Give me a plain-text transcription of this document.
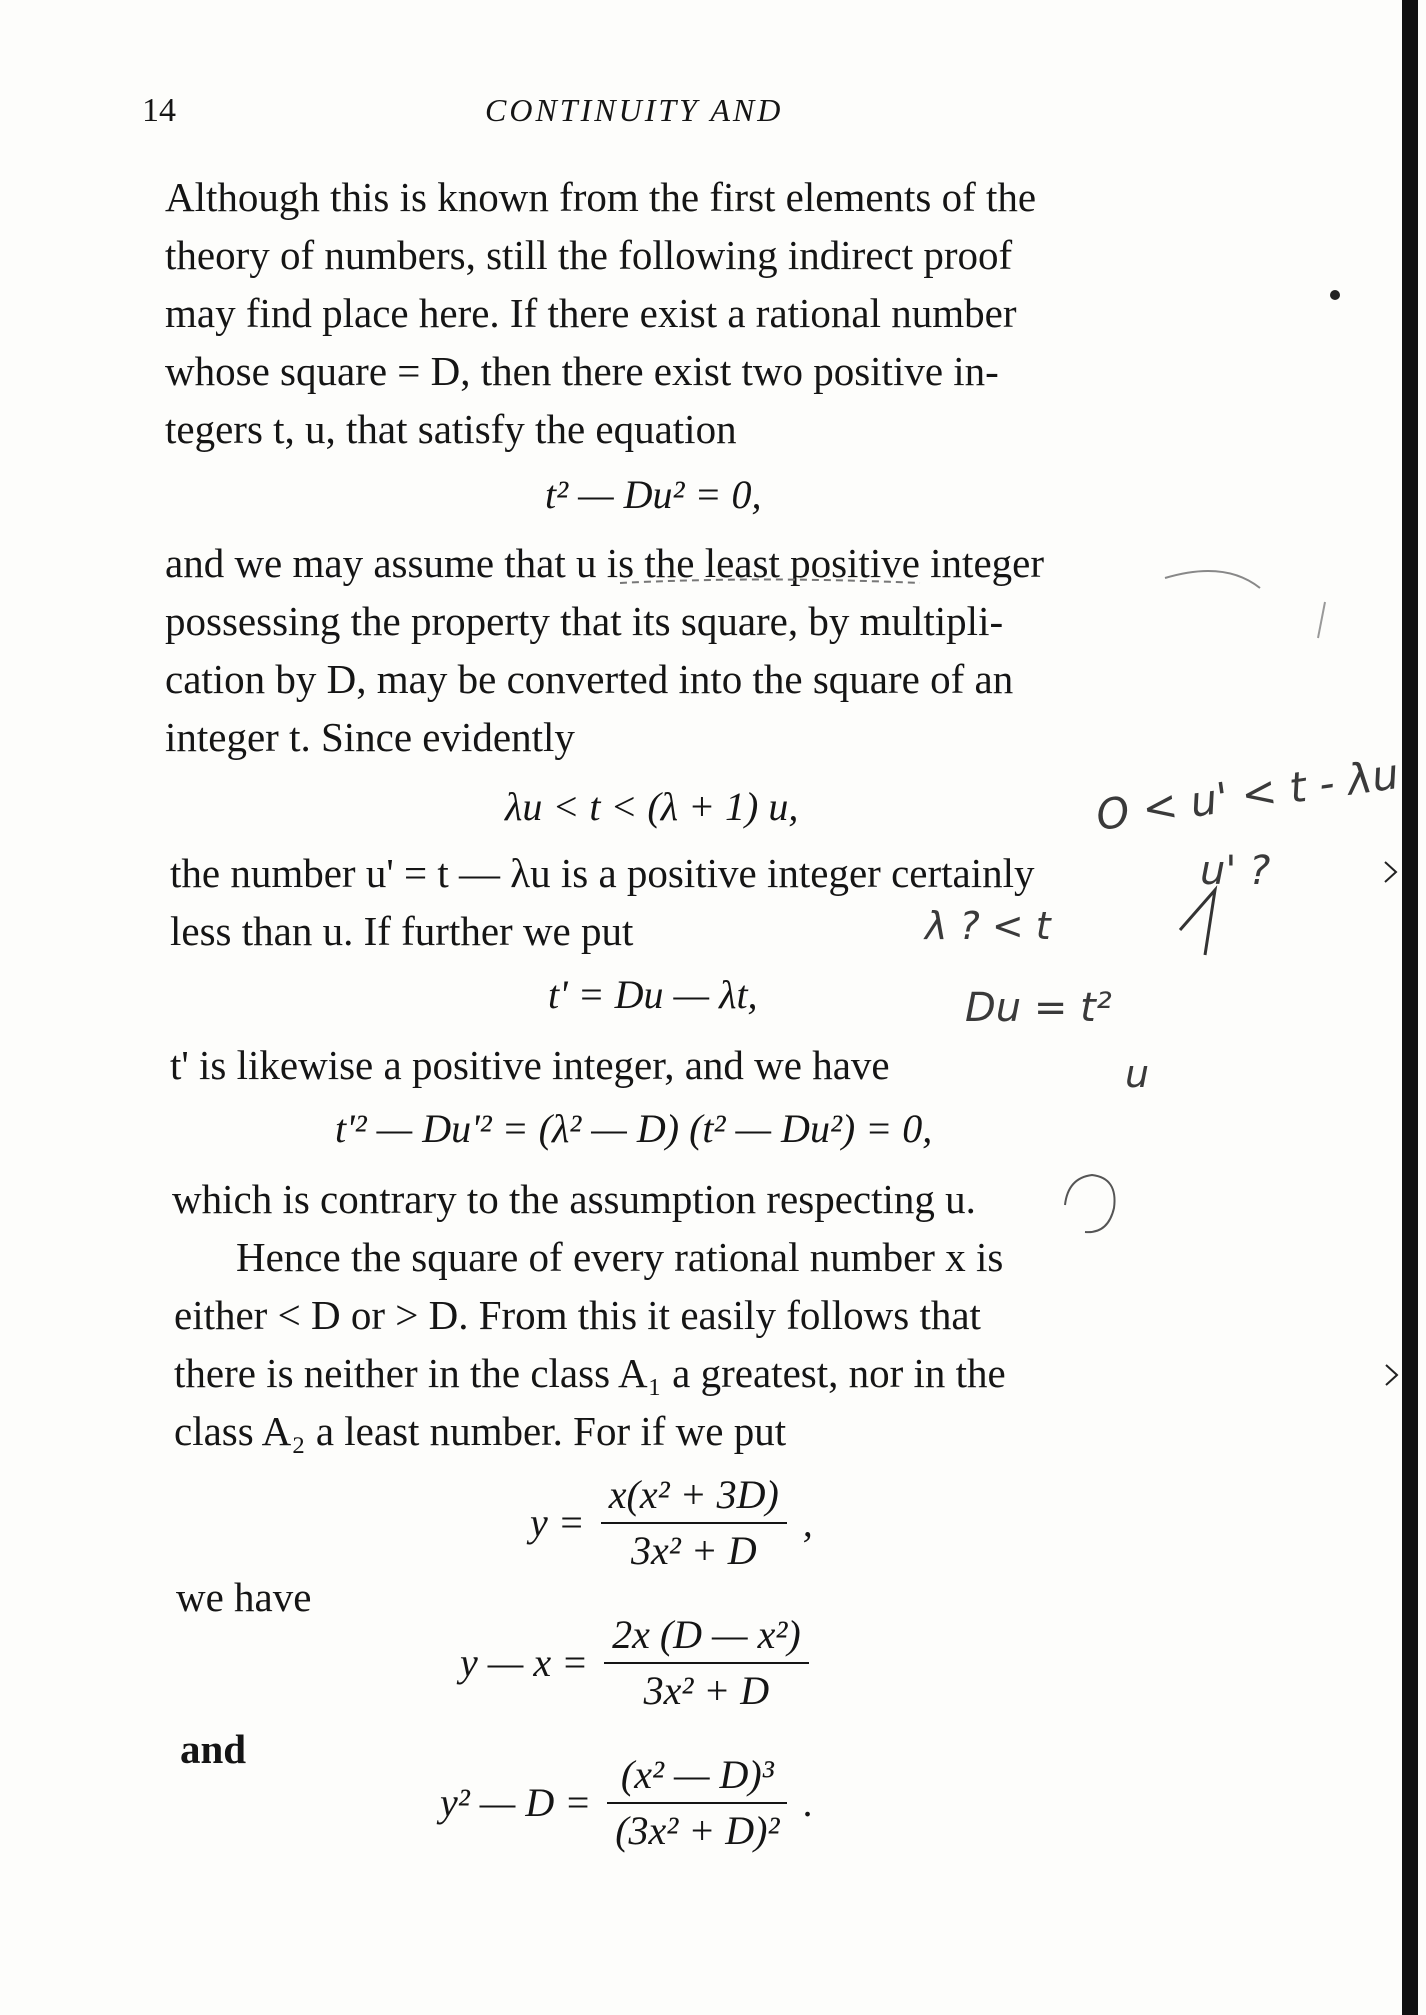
14	CONTINUITY AND
Although this is known from the first elements of the
theory of numbers, still the following indirect proof
may find place here. If there exist a rational number
whose square = D, then there exist two positive in-
tegers t, u, that satisfy the equation
t² — Du² = 0,
and we may assume that u is the least positive integer
possessing the property that its square, by multipli-
cation by D, may be converted into the square of an
integer t. Since evidently
λu < t < (λ + 1) u,
the number u' = t — λu is a positive integer certainly
less than u. If further we put
t' = Du — λt,
t' is likewise a positive integer, and we have
t'² — Du'² = (λ² — D) (t² — Du²) = 0,
which is contrary to the assumption respecting u.
Hence the square of every rational number x is
either < D or > D. From this it easily follows that
there is neither in the class A₁ a greatest, nor in the
class A₂ a least number. For if we put
$y = \frac{\text{x(x² + 3D)}}{\text{3x² + D}}$ ,
we have
y — $x = \frac{\text{2x (D — x²)}}{\text{3x² + D}}$
and
y² — $D = \frac{\text{(x² — D)³}}{\text{(3x² + D)²}}$ .
O < u' < t - λu
u' ?
λ ? < t
Du = t²
u
